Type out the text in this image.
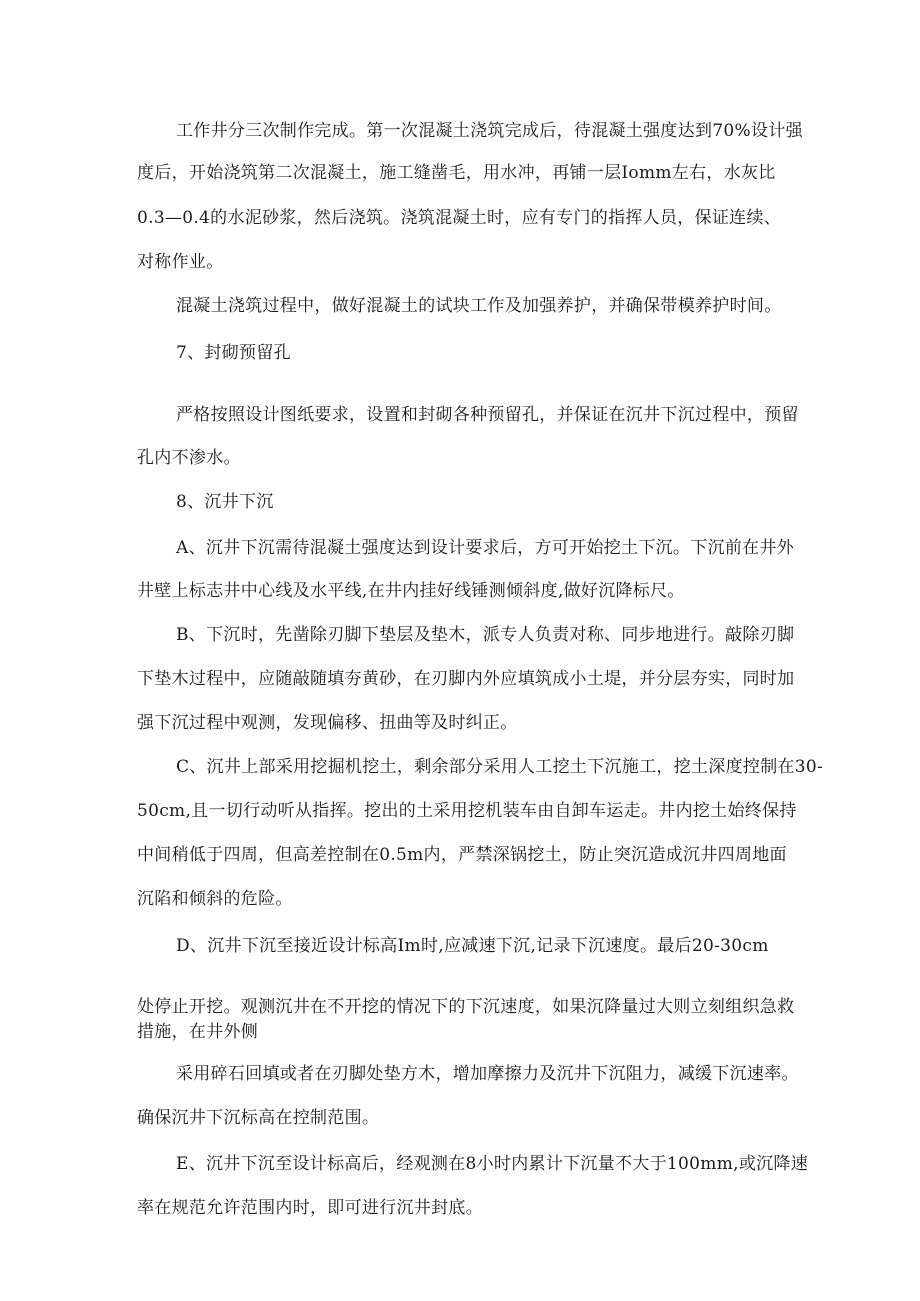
工作井分三次制作完成。第一次混凝土浇筑完成后，待混凝土强度达到70%设计强
度后，开始浇筑第二次混凝土，施工缝凿毛，用水冲，再铺一层Iomm左右，水灰比
0.3—0.4的水泥砂浆，然后浇筑。浇筑混凝土时，应有专门的指挥人员，保证连续、
对称作业。
混凝土浇筑过程中，做好混凝土的试块工作及加强养护，并确保带模养护时间。
7、封砌预留孔
严格按照设计图纸要求，设置和封砌各种预留孔，并保证在沉井下沉过程中，预留
孔内不渗水。
8、沉井下沉
A、沉井下沉需待混凝土强度达到设计要求后，方可开始挖土下沉。下沉前在井外
井壁上标志井中心线及水平线,在井内挂好线锤测倾斜度,做好沉降标尺。
B、下沉时，先凿除刃脚下垫层及垫木，派专人负责对称、同步地进行。敲除刃脚
下垫木过程中，应随敲随填夯黄砂，在刃脚内外应填筑成小土堤，并分层夯实，同时加
强下沉过程中观测，发现偏移、扭曲等及时纠正。
C、沉井上部采用挖掘机挖土，剩余部分采用人工挖土下沉施工，挖土深度控制在30-
50cm,且一切行动听从指挥。挖出的土采用挖机装车由自卸车运走。井内挖土始终保持
中间稍低于四周，但高差控制在0.5m内，严禁深锅挖土，防止突沉造成沉井四周地面
沉陷和倾斜的危险。
D、沉井下沉至接近设计标高Im时,应减速下沉,记录下沉速度。最后20-30cm
处停止开挖。观测沉井在不开挖的情况下的下沉速度，如果沉降量过大则立刻组织急救
措施，在井外侧
采用碎石回填或者在刃脚处垫方木，增加摩擦力及沉井下沉阻力，减缓下沉速率。
确保沉井下沉标高在控制范围。
E、沉井下沉至设计标高后，经观测在8小时内累计下沉量不大于100mm,或沉降速
率在规范允许范围内时，即可进行沉井封底。
